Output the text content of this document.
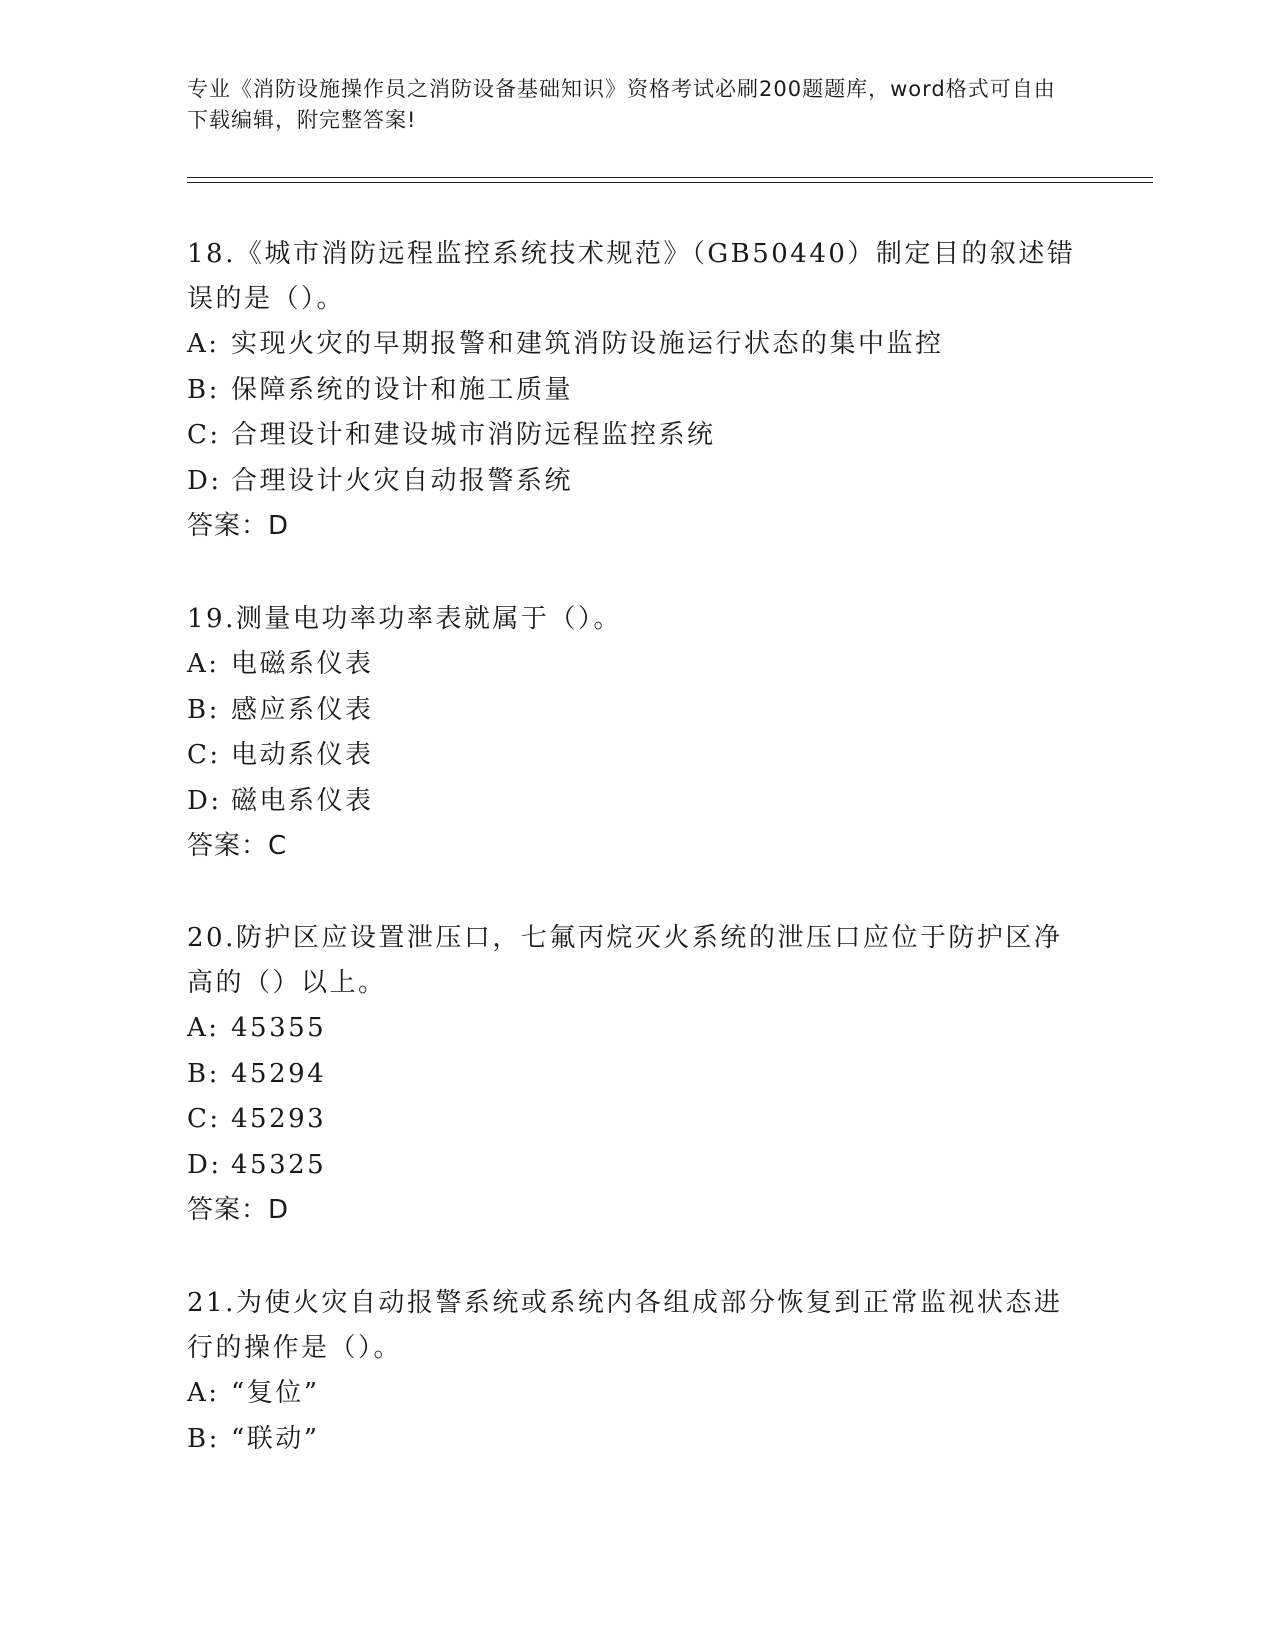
专业《消防设施操作员之消防设备基础知识》资格考试必刷200题题库，word格式可自由下载编辑，附完整答案!

18.《城市消防远程监控系统技术规范》（GB50440）制定目的叙述错误的是（）。

A: 实现火灾的早期报警和建筑消防设施运行状态的集中监控
B: 保障系统的设计和施工质量
C: 合理设计和建设城市消防远程监控系统
D: 合理设计火灾自动报警系统
答案：D

19.测量电功率功率表就属于（）。

A: 电磁系仪表
B: 感应系仪表
C: 电动系仪表
D: 磁电系仪表
答案：C

20.防护区应设置泄压口，七氟丙烷灭火系统的泄压口应位于防护区净高的（）以上。

A: 45355
B: 45294
C: 45293
D: 45325
答案：D

21.为使火灾自动报警系统或系统内各组成部分恢复到正常监视状态进行的操作是（）。

A: “复位”
B: “联动”
